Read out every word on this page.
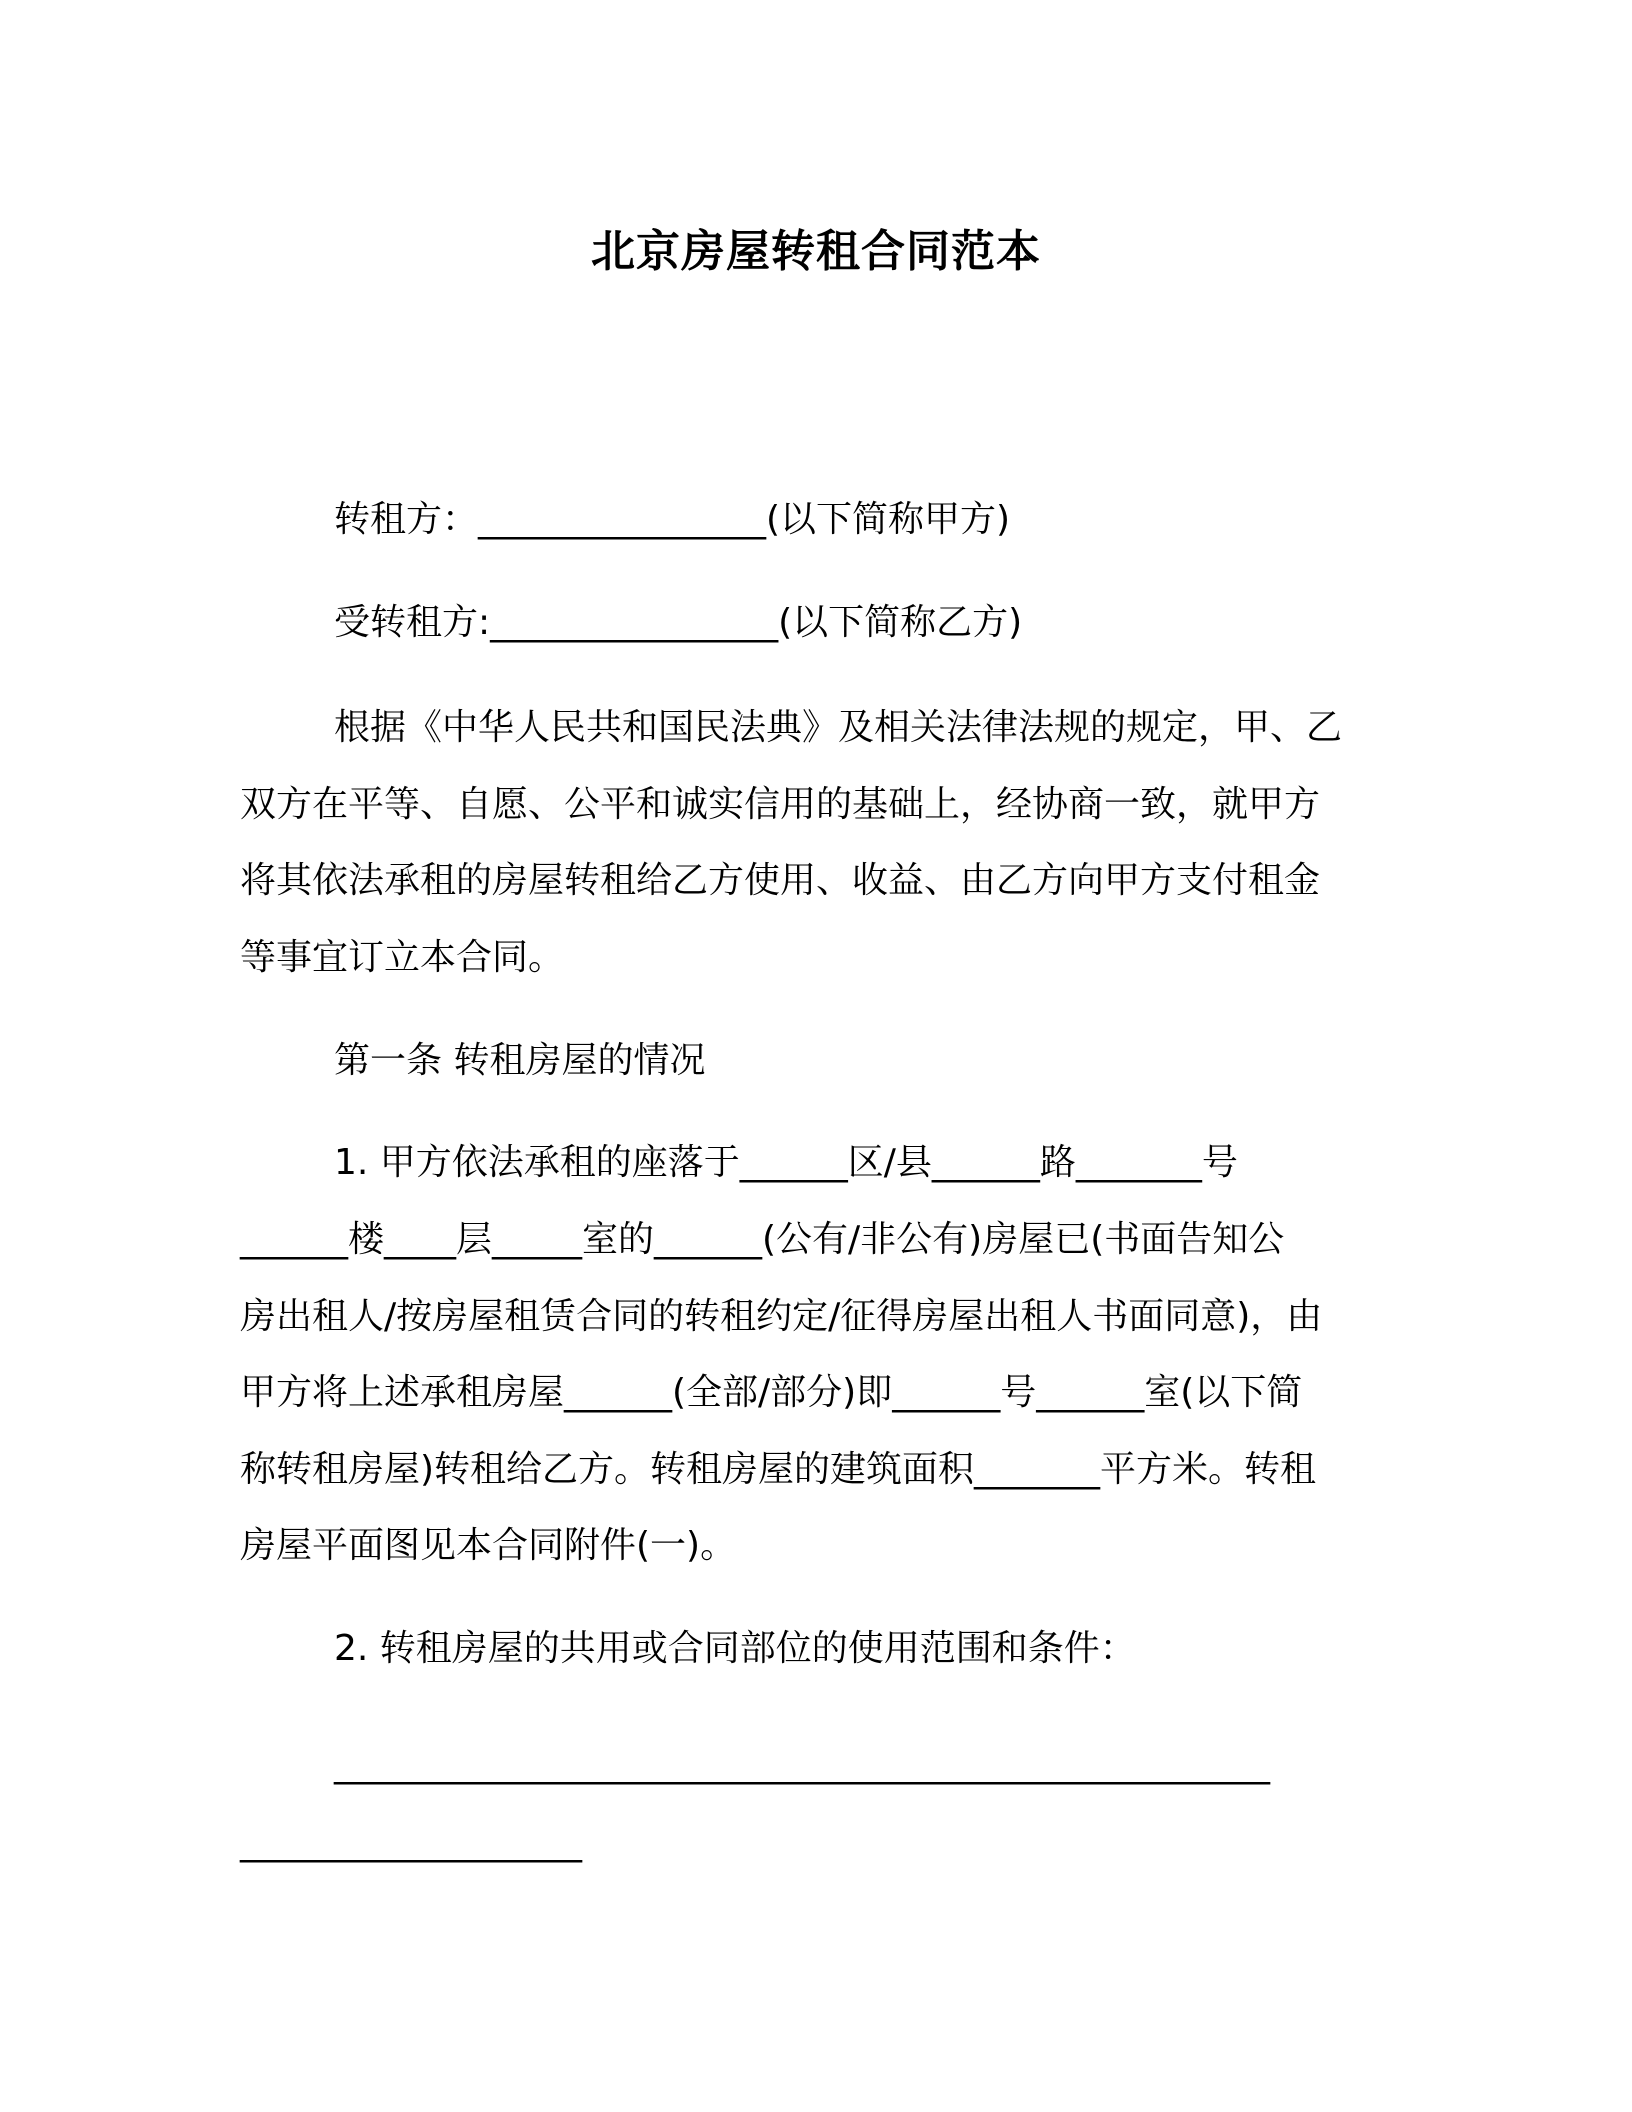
北京房屋转租合同范本
转租方：________________(以下简称甲方)
受转租方:________________(以下简称乙方)
根据《中华人民共和国民法典》及相关法律法规的规定，甲、乙
双方在平等、自愿、公平和诚实信用的基础上，经协商一致，就甲方
将其依法承租的房屋转租给乙方使用、收益、由乙方向甲方支付租金
等事宜订立本合同。
第一条 转租房屋的情况
1. 甲方依法承租的座落于______区/县______路_______号
______楼____层_____室的______(公有/非公有)房屋已(书面告知公
房出租人/按房屋租赁合同的转租约定/征得房屋出租人书面同意)，由
甲方将上述承租房屋______(全部/部分)即______号______室(以下简
称转租房屋)转租给乙方。转租房屋的建筑面积_______平方米。转租
房屋平面图见本合同附件(一)。
2. 转租房屋的共用或合同部位的使用范围和条件：
____________________________________________________
___________________
